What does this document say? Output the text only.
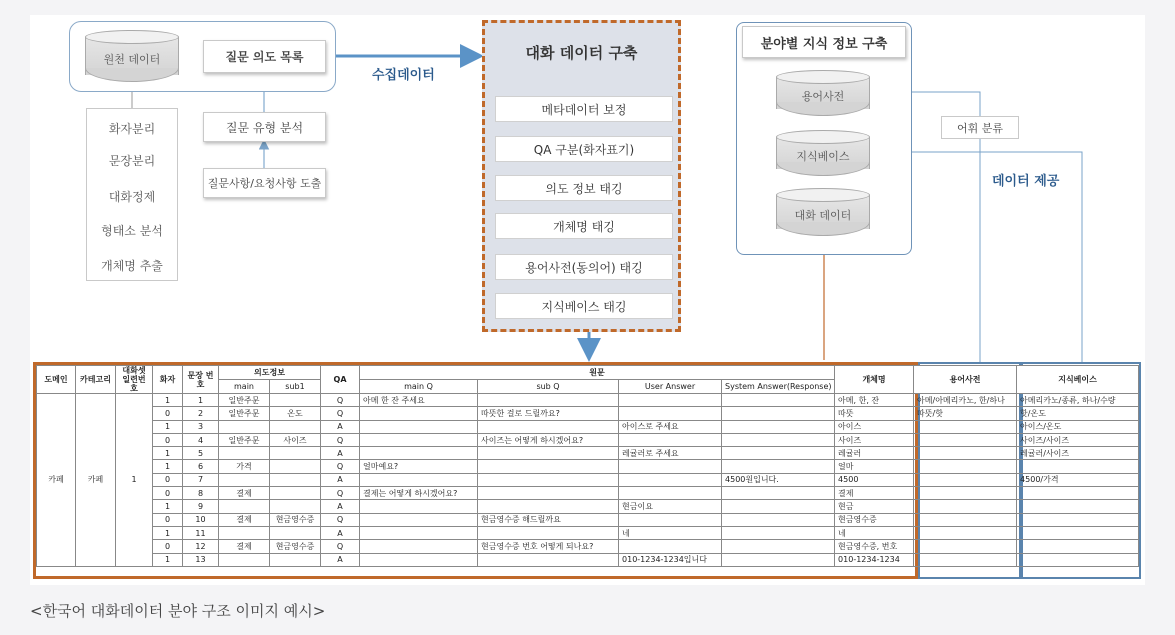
원천 데이터	질문 의도 목록
질문 유형 분석
질문사항/요청사항 도출
화자분리
문장분리
대화정제
형태소 분석
개체명 추출
수집데이터
대화 데이터 구축
메타데이터 보정
QA 구분(화자표기)
의도 정보 태깅
개체명 태깅
용어사전(동의어) 태깅
지식베이스 태깅
분야별 지식 정보 구축
용어사전
지식베이스
대화 데이터
어휘 분류
데이터 제공
도메인	카테고리	대화셋 일련번호	화자	문장 번호	의도정보		QA	원문				개체명	용어사전	지식베이스
					main	sub1		main Q	sub Q	User Answer	System Answer(Response)			
카페	카페	1	1	1	일반주문		Q	아메 한 잔 주세요				아메, 한, 잔	아메/아메리카노, 한/하나	아메리카노/종류, 하나/수량
			0	2	일반주문	온도	Q		따뜻한 걸로 드릴까요?			따뜻	따뜻/핫	핫/온도
			1	3			A			아이스로 주세요		아이스		아이스/온도
			0	4	일반주문	사이즈	Q		사이즈는 어떻게 하시겠어요?			사이즈		사이즈/사이즈
			1	5			A			레귤러로 주세요		레귤러		레귤러/사이즈
			1	6	가격		Q	얼마예요?				얼마		
			0	7			A				4500원입니다.	4500		4500/가격
			0	8	결제		Q	결제는 어떻게 하시겠어요?				결제		
			1	9			A			현금이요		현금		
			0	10	결제	현금영수증	Q		현금영수증 해드릴까요			현금영수증		
			1	11			A			네		네		
			0	12	결제	현금영수증	Q		현금영수증 번호 어떻게 되나요?			현금영수증, 번호		
			1	13			A			010-1234-1234입니다		010-1234-1234		
<한국어 대화데이터 분야 구조 이미지 예시>
